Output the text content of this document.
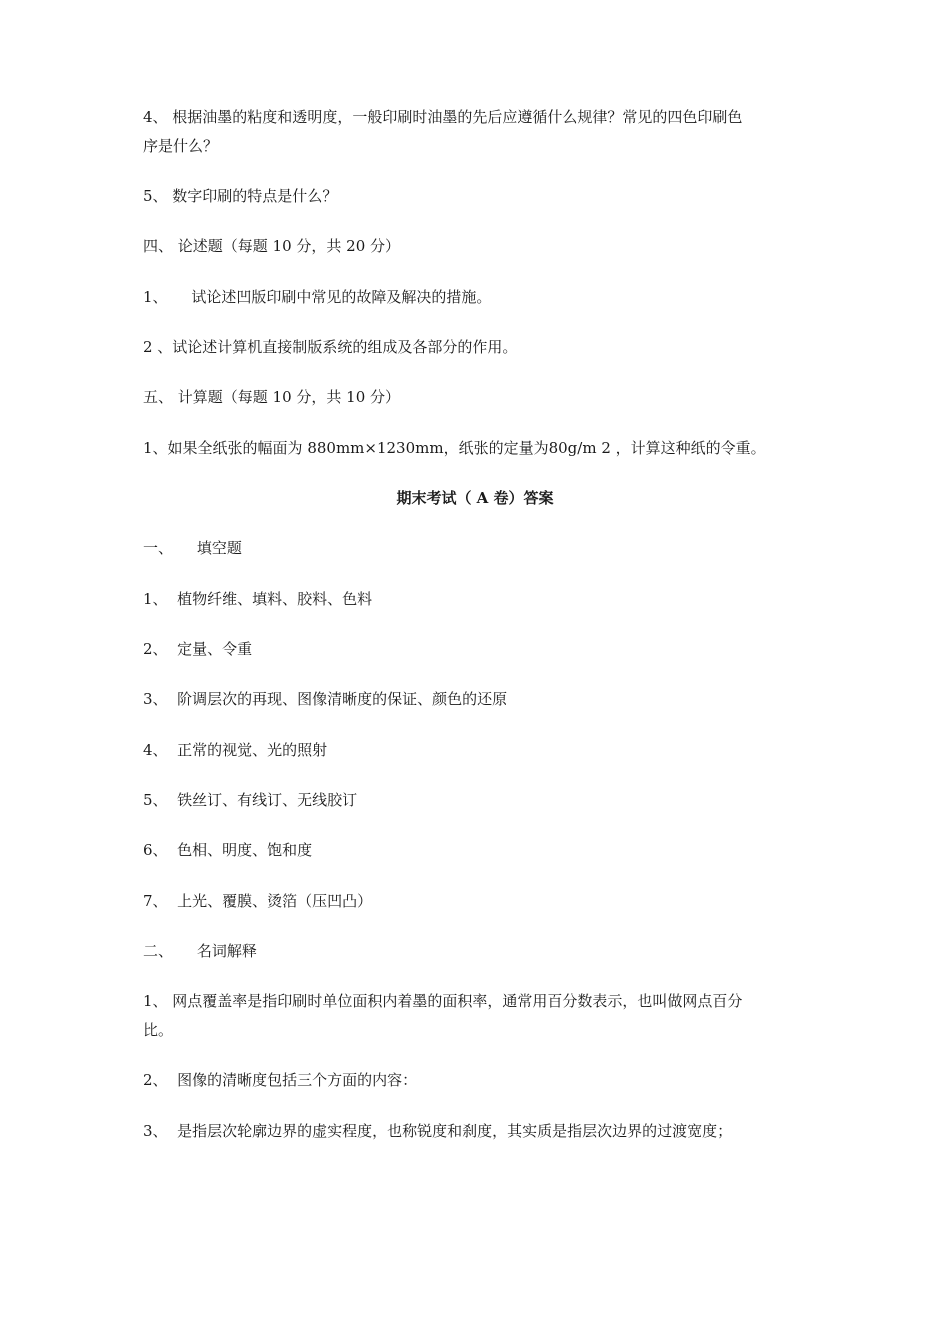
4、 根据油墨的粘度和透明度，一般印刷时油墨的先后应遵循什么规律？常见的四色印刷色
序是什么？
5、 数字印刷的特点是什么？
四、 论述题（每题 10 分，共 20 分）
1、     试论述凹版印刷中常见的故障及解决的措施。
2 、试论述计算机直接制版系统的组成及各部分的作用。
五、 计算题（每题 10 分，共 10 分）
1、如果全纸张的幅面为 880mm×1230mm，纸张的定量为80g/m 2 ，计算这种纸的令重。
期末考试（ A 卷）答案
一、     填空题
1、  植物纤维、填料、胶料、色料
2、  定量、令重
3、  阶调层次的再现、图像清晰度的保证、颜色的还原
4、  正常的视觉、光的照射
5、  铁丝订、有线订、无线胶订
6、  色相、明度、饱和度
7、  上光、覆膜、烫箔（压凹凸）
二、     名词解释
1、 网点覆盖率是指印刷时单位面积内着墨的面积率，通常用百分数表示，也叫做网点百分
比。
2、  图像的清晰度包括三个方面的内容：
3、  是指层次轮廓边界的虚实程度，也称锐度和刹度，其实质是指层次边界的过渡宽度；
